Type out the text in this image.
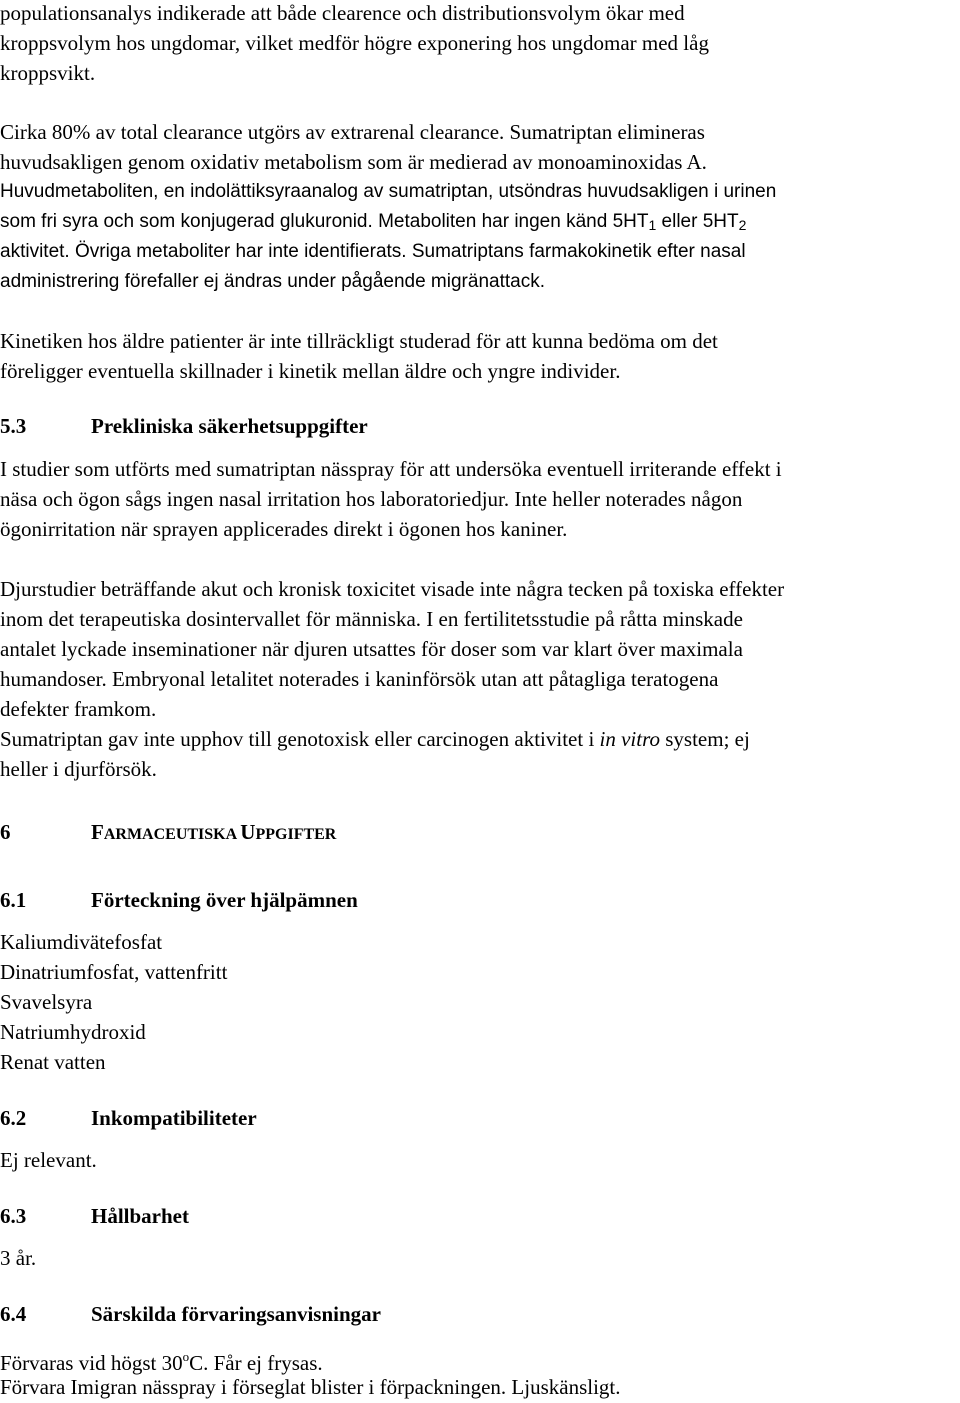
populationsanalys indikerade att både clearence och distributionsvolym ökar med
kroppsvolym hos ungdomar, vilket medför högre exponering hos ungdomar med låg
kroppsvikt.
Cirka 80% av total clearance utgörs av extrarenal clearance. Sumatriptan elimineras
huvudsakligen genom oxidativ metabolism som är medierad av monoaminoxidas A.
Huvudmetaboliten, en indolättiksyraanalog av sumatriptan, utsöndras huvudsakligen i urinen
som fri syra och som konjugerad glukuronid. Metaboliten har ingen känd $5HT_1$ eller $5HT_2$
aktivitet. Övriga metaboliter har inte identifierats. Sumatriptans farmakokinetik efter nasal
administrering förefaller ej ändras under pågående migränattack.
Kinetiken hos äldre patienter är inte tillräckligt studerad för att kunna bedöma om det
föreligger eventuella skillnader i kinetik mellan äldre och yngre individer.
5.3	Prekliniska säkerhetsuppgifter
I studier som utförts med sumatriptan nässpray för att undersöka eventuell irriterande effekt i
näsa och ögon sågs ingen nasal irritation hos laboratoriedjur. Inte heller noterades någon
ögonirritation när sprayen applicerades direkt i ögonen hos kaniner.
Djurstudier beträffande akut och kronisk toxicitet visade inte några tecken på toxiska effekter
inom det terapeutiska dosintervallet för människa. I en fertilitetsstudie på råtta minskade
antalet lyckade inseminationer när djuren utsattes för doser som var klart över maximala
humandoser. Embryonal letalitet noterades i kaninförsök utan att påtagliga teratogena
defekter framkom.
Sumatriptan gav inte upphov till genotoxisk eller carcinogen aktivitet i in vitro system; ej
heller i djurförsök.
6	FARMACEUTISKA UPPGIFTER
6.1	Förteckning över hjälpämnen
Kaliumdivätefosfat
Dinatriumfosfat, vattenfritt
Svavelsyra
Natriumhydroxid
Renat vatten
6.2	Inkompatibiliteter
Ej relevant.
6.3	Hållbarhet
3 år.
6.4	Särskilda förvaringsanvisningar
Förvaras vid högst 30$^o$C. Får ej frysas.
Förvara Imigran nässpray i förseglat blister i förpackningen. Ljuskänsligt.
